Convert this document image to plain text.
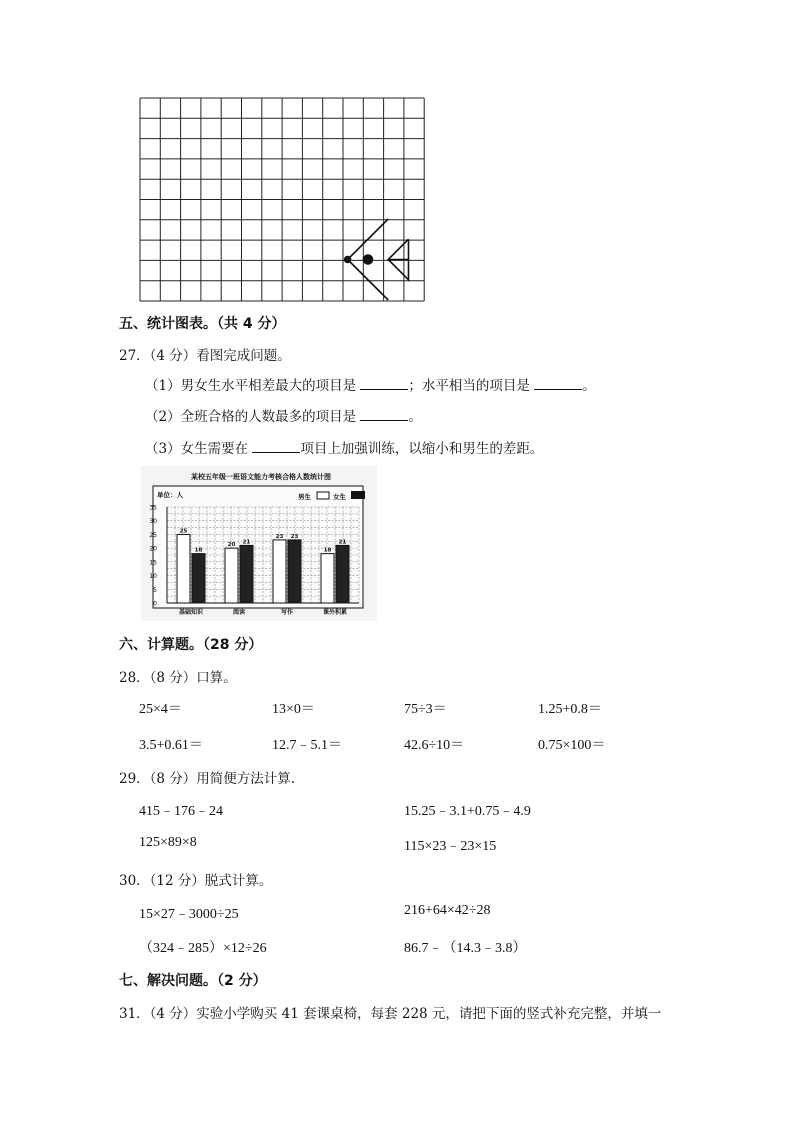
五、统计图表。（共 4 分）
27．（4 分）看图完成问题。
（1）男女生水平相差最大的项目是	；水平相当的项目是	。
（2）全班合格的人数最多的项目是	。
（3）女生需要在	项目上加强训练，以缩小和男生的差距。
某校五年级一班语文能力考核合格人数统计图
单位：人	男生	女生
0
5
10
15
20
25
30
35
25
18
20 21
23 23
18
21
基础知识	阅读	写作	课外积累
六、计算题。（28 分）
28．（8 分）口算。
25×4＝	13×0＝	75÷3＝	1.25+0.8＝
3.5+0.61＝	12.7﹣5.1＝	42.6÷10＝	0.75×100＝
29．（8 分）用简便方法计算.
415﹣176﹣24	15.25﹣3.1+0.75﹣4.9
125×89×8	115×23﹣23×15
30．（12 分）脱式计算。
15×27﹣3000÷25	216+64×42÷28
（324﹣285）×12÷26	86.7﹣（14.3﹣3.8）
七、解决问题。（2 分）
31．（4 分）实验小学购买 41 套课桌椅，每套 228 元，请把下面的竖式补充完整，并填一
